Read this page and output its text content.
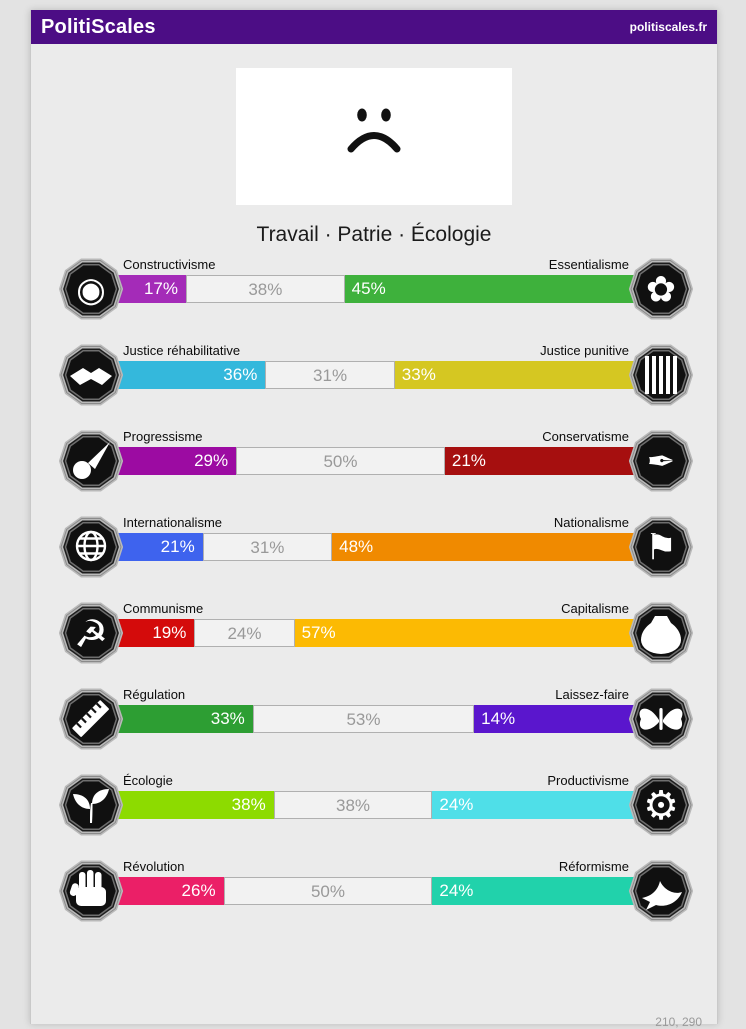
PolitiScales	politiscales.fr
Travail · Patrie · Écologie
Constructivisme	Essentialisme
◉	17%	38%	45%	✿
Justice réhabilitative	Justice punitive
36%	31%	33%
Progressisme	Conservatisme
29%	50%	21%	✒
Internationalisme	Nationalisme
21%	31%	48%	⚑
Communisme	Capitalisme
☭	19%	24%	57%
Régulation	Laissez-faire
33%	53%	14%
Écologie	Productivisme
38%	38%	24%	⚙
Révolution	Réformisme
26%	50%	24%
210, 290
